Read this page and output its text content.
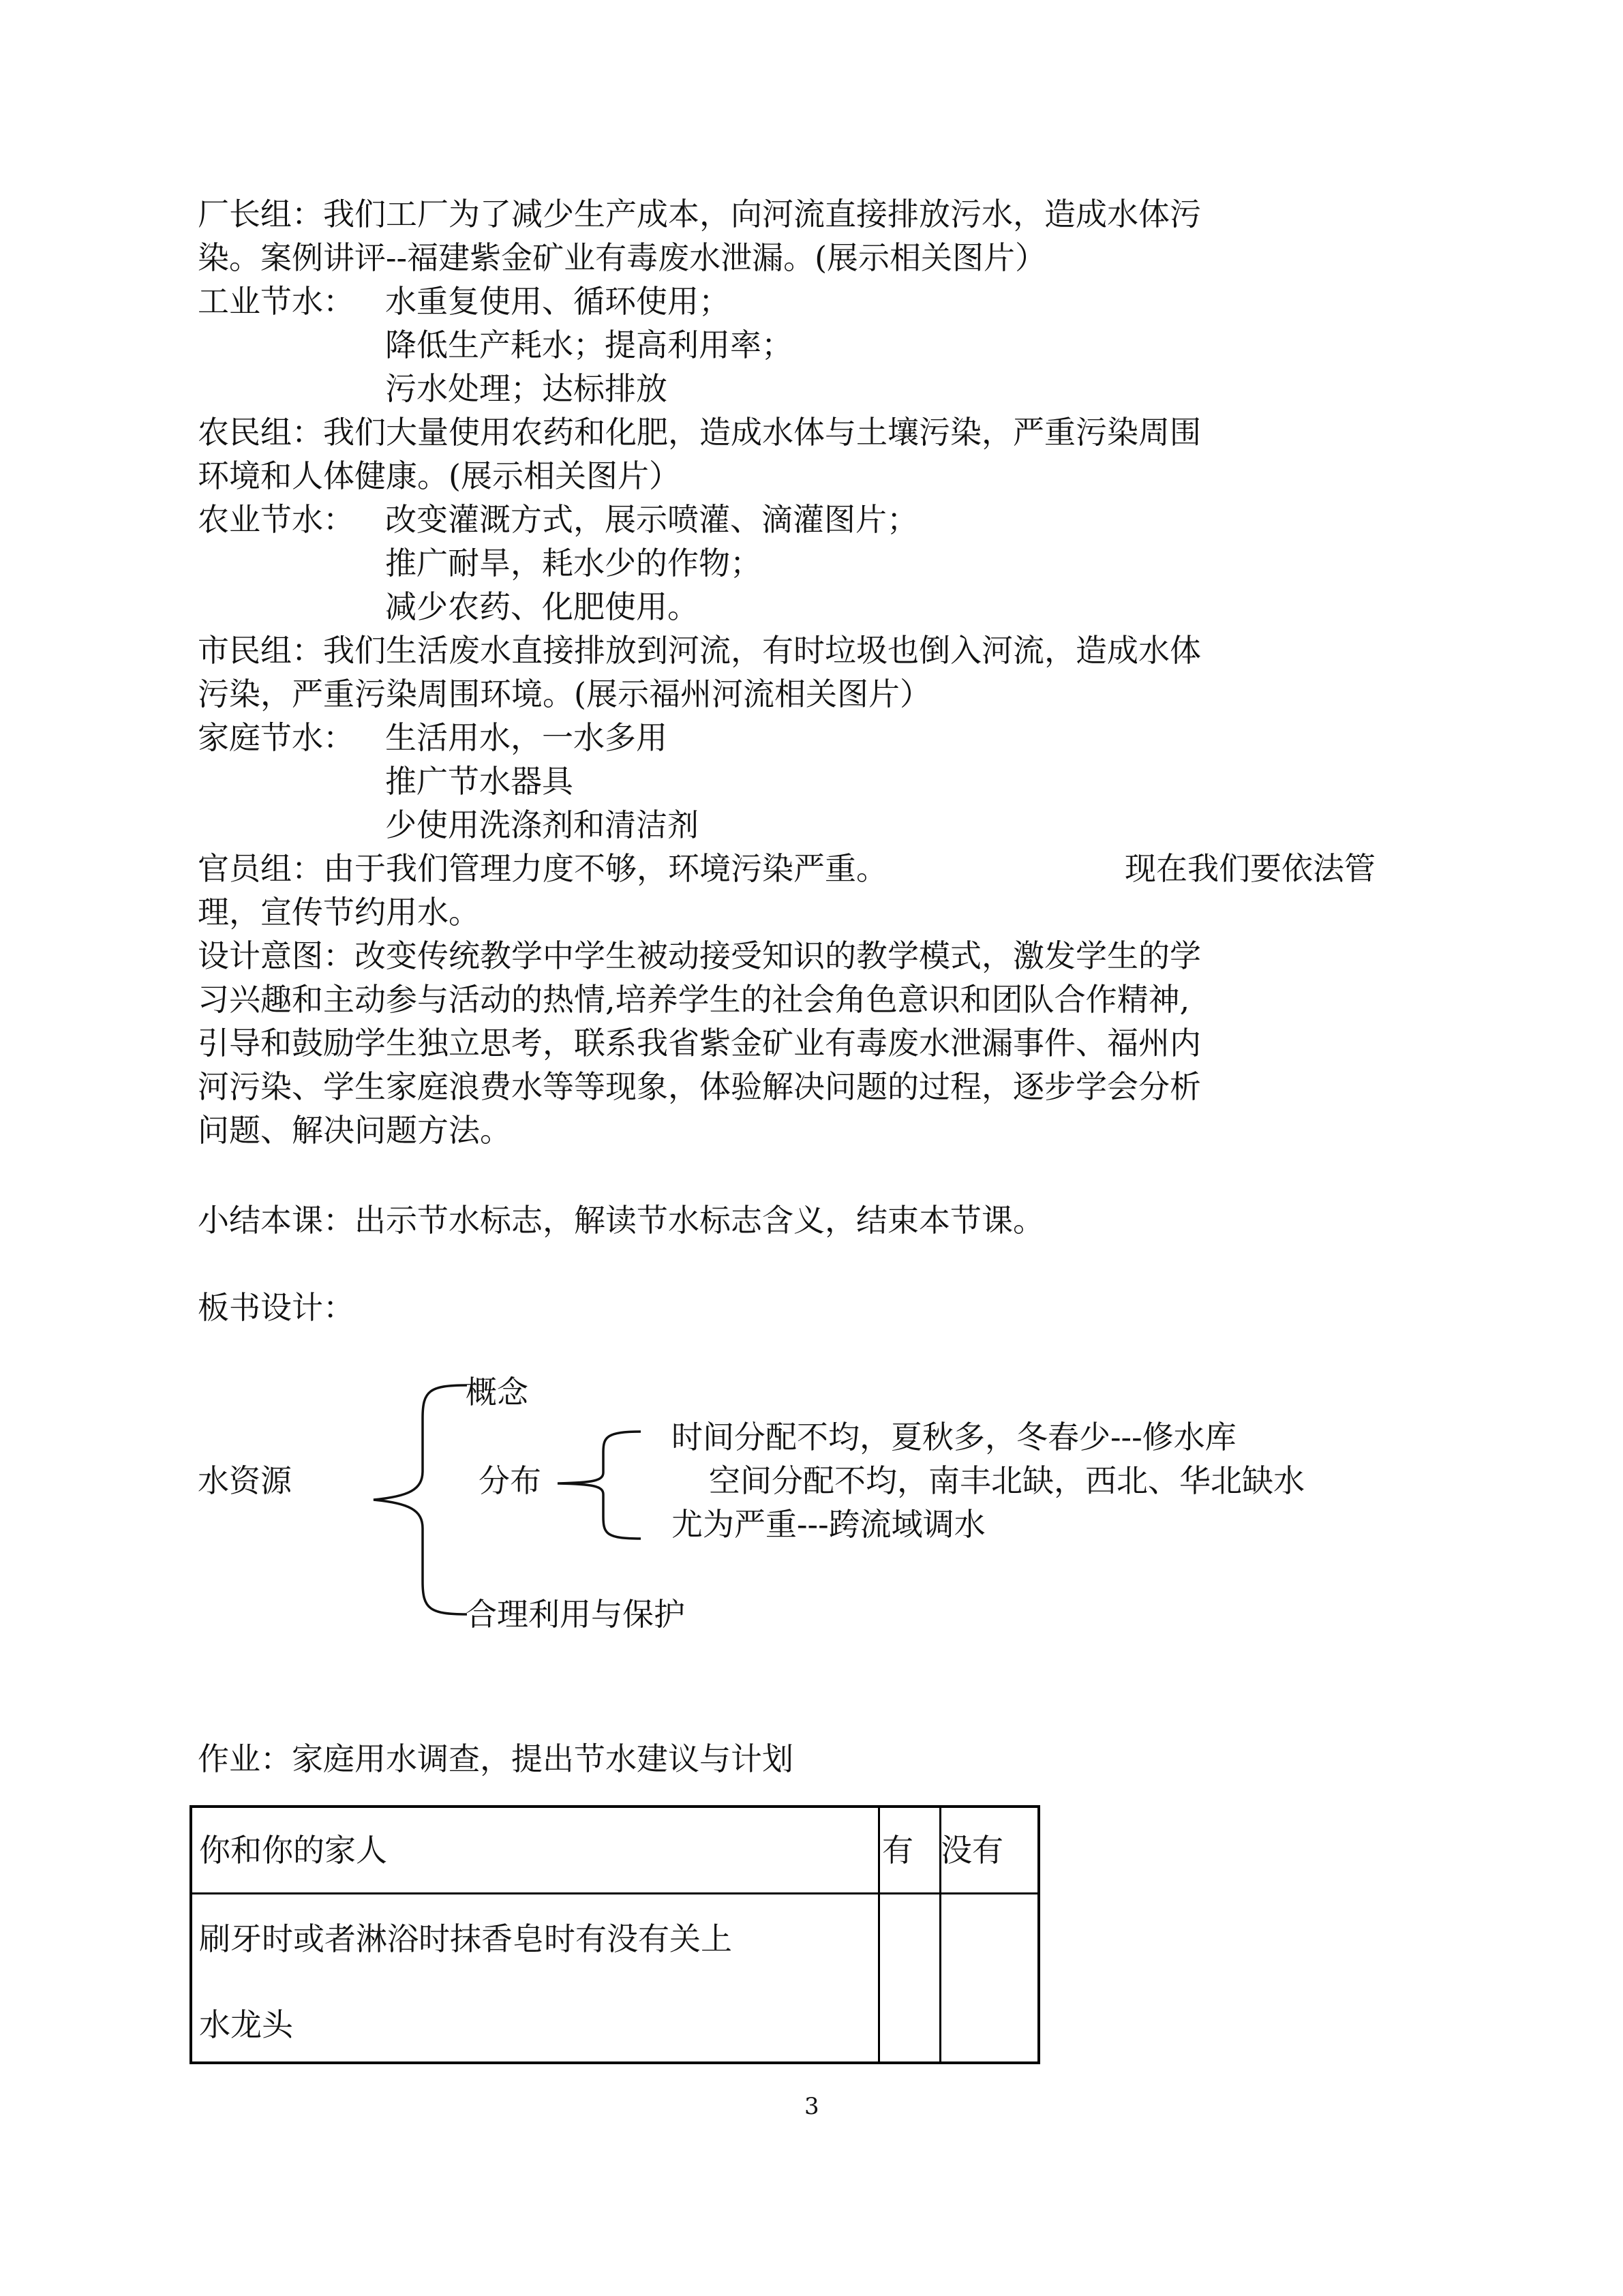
厂长组：我们工厂为了减少生产成本，向河流直接排放污水，造成水体污
染。案例讲评--福建紫金矿业有毒废水泄漏。(展示相关图片）
工业节水： 水重复使用、循环使用；
降低生产耗水；提高利用率；
污水处理；达标排放
农民组：我们大量使用农药和化肥，造成水体与土壤污染，严重污染周围
环境和人体健康。(展示相关图片）
农业节水： 改变灌溉方式，展示喷灌、滴灌图片；
推广耐旱，耗水少的作物；
减少农药、化肥使用。
市民组：我们生活废水直接排放到河流，有时垃圾也倒入河流，造成水体
污染，严重污染周围环境。(展示福州河流相关图片）
家庭节水： 生活用水，一水多用
推广节水器具
少使用洗涤剂和清洁剂
官员组：由于我们管理力度不够，环境污染严重。	现在我们要依法管
理，宣传节约用水。
设计意图：改变传统教学中学生被动接受知识的教学模式，激发学生的学
习兴趣和主动参与活动的热情,培养学生的社会角色意识和团队合作精神,
引导和鼓励学生独立思考，联系我省紫金矿业有毒废水泄漏事件、福州内
河污染、学生家庭浪费水等等现象，体验解决问题的过程，逐步学会分析
问题、解决问题方法。
小结本课：出示节水标志，解读节水标志含义，结束本节课。
板书设计：
水资源
概念
分布
合理利用与保护
时间分配不均，夏秋多，冬春少---修水库
空间分配不均，南丰北缺，西北、华北缺水
尤为严重---跨流域调水
作业：家庭用水调查，提出节水建议与计划
你和你的家人	有 没有
刷牙时或者淋浴时抹香皂时有没有关上
水龙头
3
